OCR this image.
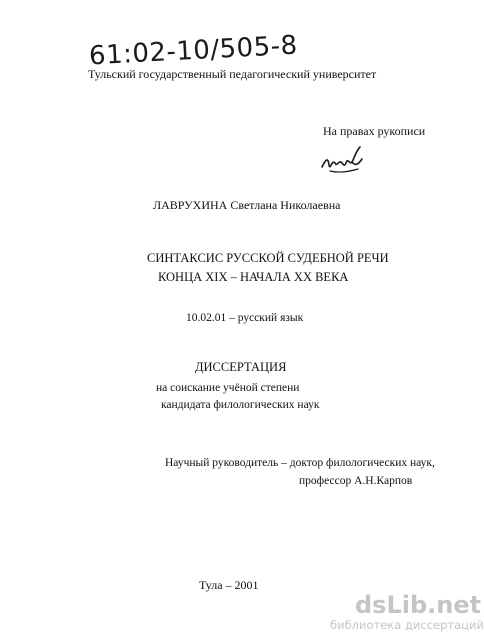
61:02-10/505-8
Тульский государственный педагогический университет
На правах рукописи
ЛАВРУХИНА Светлана Николаевна
СИНТАКСИС РУССКОЙ СУДЕБНОЙ РЕЧИ
КОНЦА XIX – НАЧАЛА XX ВЕКА
10.02.01 – русский язык
ДИССЕРТАЦИЯ
на соискание учёной степени
кандидата филологических наук
Научный руководитель – доктор филологических наук,
профессор А.Н.Карпов
Тула – 2001
dsLib.net
библиотека диссертаций
